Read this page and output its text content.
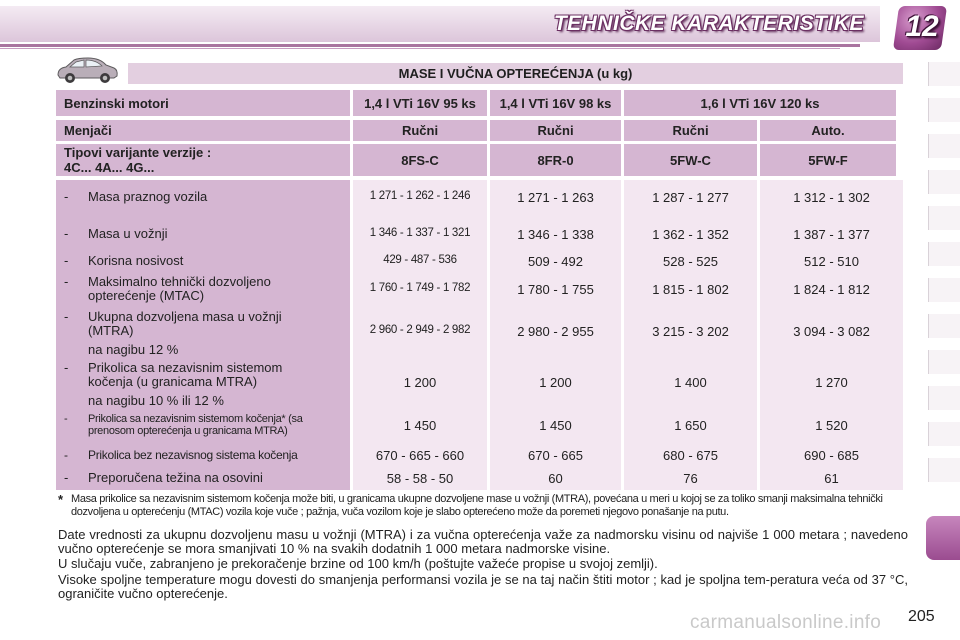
TEHNIČKE KARAKTERISTIKE 12
MASE I VUČNA OPTEREĆENJA (u kg)
Benzinski motori	1,4 l VTi 16V 95 ks	1,4 l VTi 16V 98 ks	1,6 l VTi 16V 120 ks
Menjači	Ručni	Ručni	Ručni	Auto.
Tipovi varijante verzije :
4C... 4A... 4G...	8FS-C	8FR-0	5FW-C	5FW-F
- Masa praznog vozila	1 271 - 1 262 - 1 246	1 271 - 1 263	1 287 - 1 277	1 312 - 1 302
- Masa u vožnji	1 346 - 1 337 - 1 321	1 346 - 1 338	1 362 - 1 352	1 387 - 1 377
- Korisna nosivost	429 - 487 - 536	509 - 492	528 - 525	512 - 510
- Maksimalno tehnički dozvoljeno
opterećenje (MTAC)	1 760 - 1 749 - 1 782	1 780 - 1 755	1 815 - 1 802	1 824 - 1 812
- Ukupna dozvoljena masa u vožnji
(MTRA)
na nagibu 12 %
2 960 - 2 949 - 2 982	2 980 - 2 955	3 215 - 3 202	3 094 - 3 082
- Prikolica sa nezavisnim sistemom
kočenja (u granicama MTRA)
na nagibu 10 % ili 12 %
1 200	1 200	1 400	1 270
- Prikolica sa nezavisnim sistemom kočenja* (sa
prenosom opterećenja u granicama MTRA)	1 450	1 450	1 650	1 520
- Prikolica bez nezavisnog sistema kočenja	670 - 665 - 660	670 - 665	680 - 675	690 - 685
- Preporučena težina na osovini	58 - 58 - 50	60	76	61
* Masa prikolice sa nezavisnim sistemom kočenja može biti, u granicama ukupne dozvoljene mase u vožnji (MTRA), povećana u meri u kojoj se za toliko smanji maksimalna tehnički dozvoljena u opterećenju (MTAC) vozila koje vuče ; pažnja, vuča vozilom koje je slabo opterećeno može da poremeti njegovo ponašanje na putu.

Date vrednosti za ukupnu dozvoljenu masu u vožnji (MTRA) i za vučna opterećenja važe za nadmorsku visinu od najviše 1 000 metara ; navedeno vučno opterećenje se mora smanjivati 10 % na svakih dodatnih 1 000 metara nadmorske visine.
U slučaju vuče, zabranjeno je prekoračenje brzine od 100 km/h (poštujte važeće propise u svojoj zemlji).
Visoke spoljne temperature mogu dovesti do smanjenja performansi vozila je se na taj način štiti motor ; kad je spoljna tem-peratura veća od 37 °C, ograničite vučno opterećenje.
carmanualsonline.info 205
